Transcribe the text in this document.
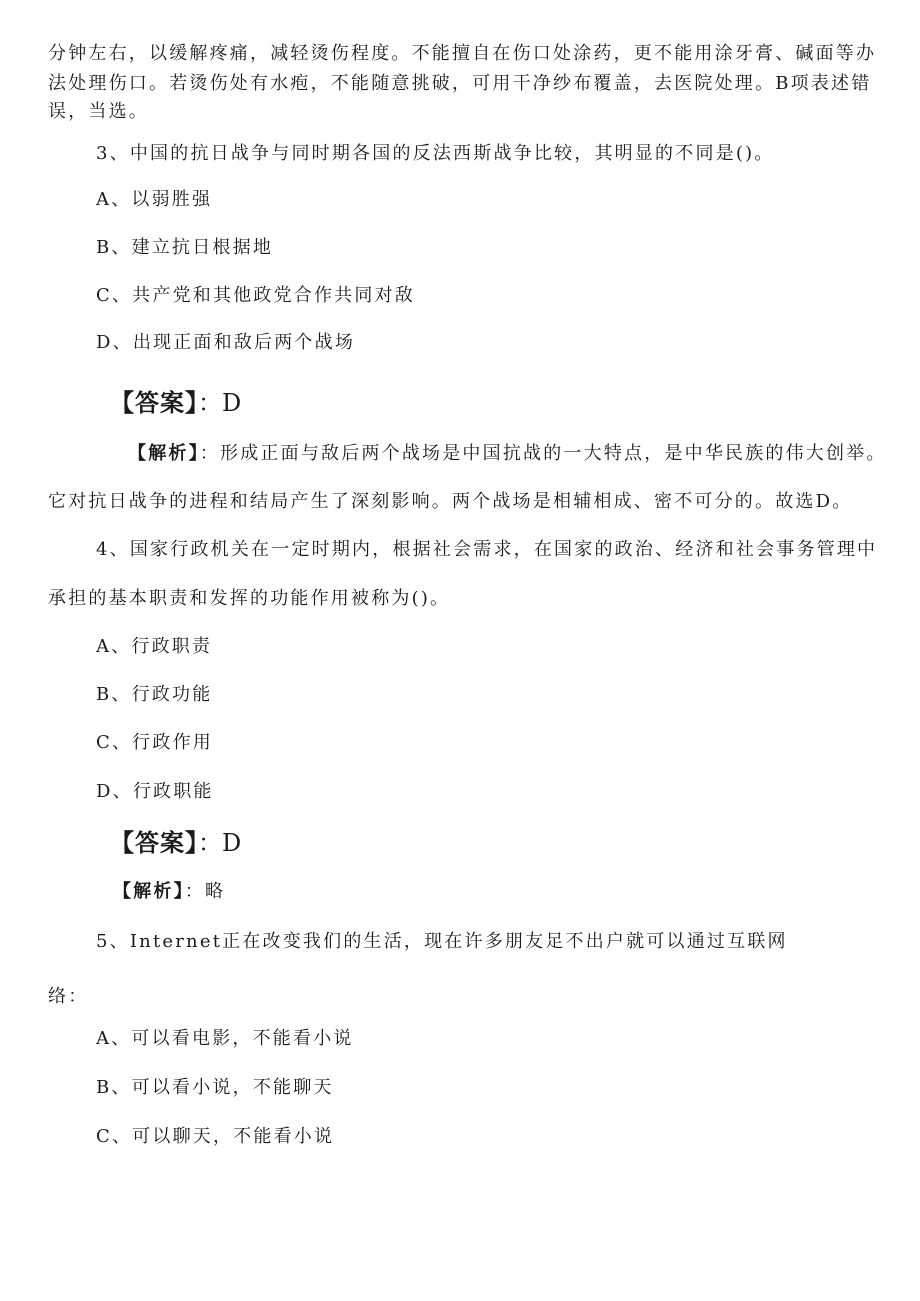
分钟左右，以缓解疼痛，减轻烫伤程度。不能擅自在伤口处涂药，更不能用涂牙膏、碱面等办
法处理伤口。若烫伤处有水疱，不能随意挑破，可用干净纱布覆盖，去医院处理。B项表述错
误，当选。
3、中国的抗日战争与同时期各国的反法西斯战争比较，其明显的不同是()。
A、以弱胜强
B、建立抗日根据地
C、共产党和其他政党合作共同对敌
D、出现正面和敌后两个战场
【答案】：D
【解析】：形成正面与敌后两个战场是中国抗战的一大特点，是中华民族的伟大创举。
它对抗日战争的进程和结局产生了深刻影响。两个战场是相辅相成、密不可分的。故选D。
4、国家行政机关在一定时期内，根据社会需求，在国家的政治、经济和社会事务管理中
承担的基本职责和发挥的功能作用被称为()。
A、行政职责
B、行政功能
C、行政作用
D、行政职能
【答案】：D
【解析】：略
5、Internet正在改变我们的生活，现在许多朋友足不出户就可以通过互联网
络：
A、可以看电影，不能看小说
B、可以看小说，不能聊天
C、可以聊天，不能看小说
